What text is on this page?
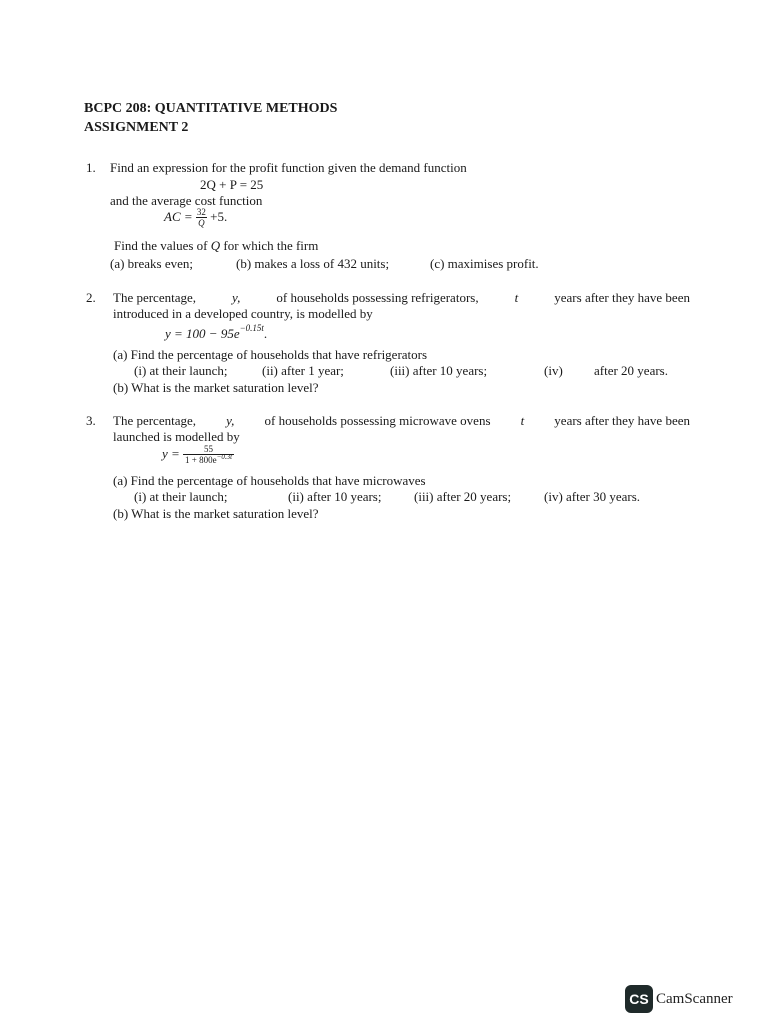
BCPC 208: QUANTITATIVE METHODS
ASSIGNMENT 2
1. Find an expression for the profit function given the demand function
2Q + P = 25
and the average cost function
AC = $\frac{32}{Q} +5$.
Find the values of Q for which the firm
(a) breaks even;	(b) makes a loss of 432 units;	(c) maximises profit.
2. The percentage,	y,	of households possessing refrigerators,	t	years after they have been
introduced in a developed country, is modelled by
$y = 100 - 95e^{-0.15t}$.
(a) Find the percentage of households that have refrigerators
(i) at their launch;	(ii) after 1 year;	(iii) after 10 years;	(iv) after 20 years.
(b) What is the market saturation level?
3. The percentage, y, of households possessing microwave ovens t years after they have been
launched is modelled by
$y = \frac{55}{1 + 800e^{-0.3t}}$
(a) Find the percentage of households that have microwaves
(i) at their launch;	(ii) after 10 years;	(iii) after 20 years;	(iv) after 30 years.
(b) What is the market saturation level?
CS CamScanner
